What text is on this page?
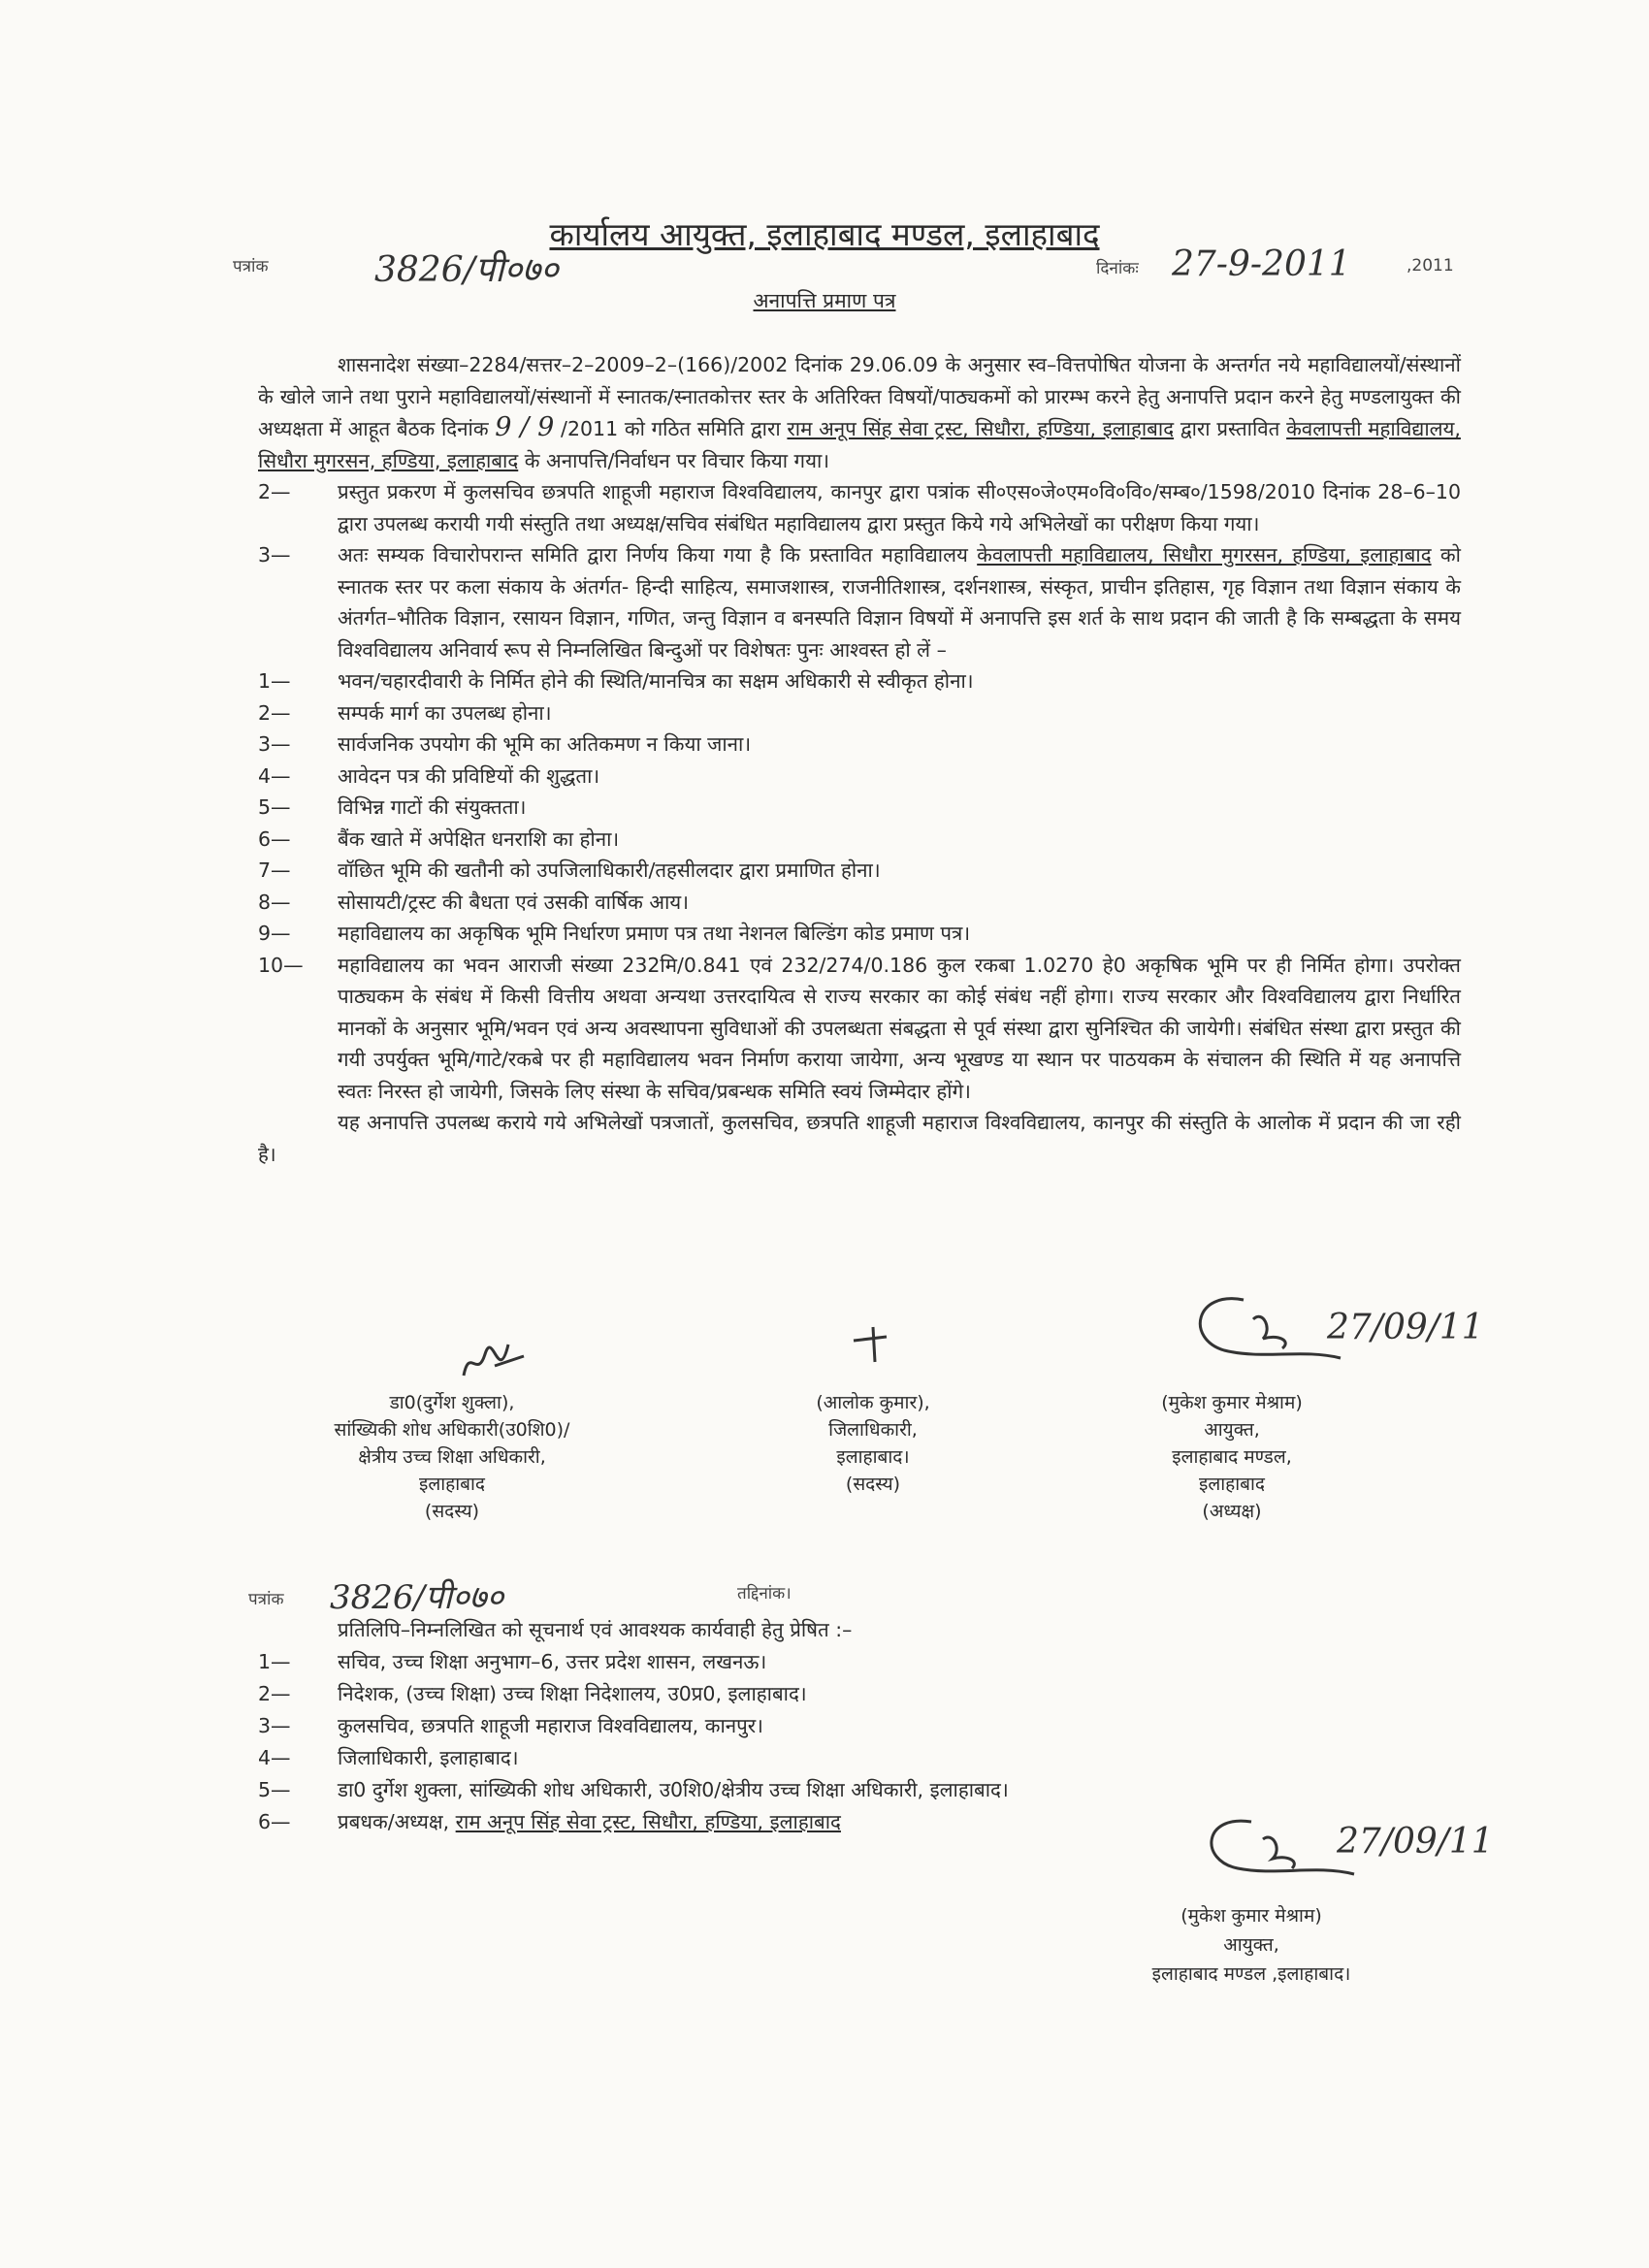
कार्यालय आयुक्त, इलाहाबाद मण्डल, इलाहाबाद
पत्रांक	3826/पी०७०	दिनांकः 27-9-2011	,2011
अनापत्ति प्रमाण पत्र

शासनादेश संख्या–2284/सत्तर–2–2009–2–(166)/2002 दिनांक 29.06.09 के अनुसार स्व–वित्तपोषित योजना के अन्तर्गत नये महाविद्यालयों/संस्थानों के खोले जाने तथा पुराने महाविद्यालयों/संस्थानों में स्नातक/स्नातकोत्तर स्तर के अतिरिक्त विषयों/पाठ्यकमों को प्रारम्भ करने हेतु अनापत्ति प्रदान करने हेतु मण्डलायुक्त की अध्यक्षता में आहूत बैठक दिनांक 9 / 9 /2011 को गठित समिति द्वारा राम अनूप सिंह सेवा ट्रस्ट, सिधौरा, हण्डिया, इलाहाबाद द्वारा प्रस्तावित केवलापत्ती महाविद्यालय, सिधौरा मुगरसन, हण्डिया, इलाहाबाद के अनापत्ति/निर्वाधन पर विचार किया गया।

2—	प्रस्तुत प्रकरण में कुलसचिव छत्रपति शाहूजी महाराज विश्वविद्यालय, कानपुर द्वारा पत्रांक सी०एस०जे०एम०वि०वि०/सम्ब०/1598/2010 दिनांक 28–6–10 द्वारा उपलब्ध करायी गयी संस्तुति तथा अध्यक्ष/सचिव संबंधित महाविद्यालय द्वारा प्रस्तुत किये गये अभिलेखों का परीक्षण किया गया।
3—	अतः सम्यक विचारोपरान्त समिति द्वारा निर्णय किया गया है कि प्रस्तावित महाविद्यालय केवलापत्ती महाविद्यालय, सिधौरा मुगरसन, हण्डिया, इलाहाबाद को स्नातक स्तर पर कला संकाय के अंतर्गत- हिन्दी साहित्य, समाजशास्त्र, राजनीतिशास्त्र, दर्शनशास्त्र, संस्कृत, प्राचीन इतिहास, गृह विज्ञान तथा विज्ञान संकाय के अंतर्गत–भौतिक विज्ञान, रसायन विज्ञान, गणित, जन्तु विज्ञान व बनस्पति विज्ञान विषयों में अनापत्ति इस शर्त के साथ प्रदान की जाती है कि सम्बद्धता के समय विश्वविद्यालय अनिवार्य रूप से निम्नलिखित बिन्दुओं पर विशेषतः पुनः आश्वस्त हो लें –
1—	भवन/चहारदीवारी के निर्मित होने की स्थिति/मानचित्र का सक्षम अधिकारी से स्वीकृत होना।
2—	सम्पर्क मार्ग का उपलब्ध होना।
3—	सार्वजनिक उपयोग की भूमि का अतिकमण न किया जाना।
4—	आवेदन पत्र की प्रविष्टियों की शुद्धता।
5—	विभिन्न गाटों की संयुक्तता।
6—	बैंक खाते में अपेक्षित धनराशि का होना।
7—	वॉछित भूमि की खतौनी को उपजिलाधिकारी/तहसीलदार द्वारा प्रमाणित होना।
8—	सोसायटी/ट्रस्ट की बैधता एवं उसकी वार्षिक आय।
9—	महाविद्यालय का अकृषिक भूमि निर्धारण प्रमाण पत्र तथा नेशनल बिल्डिंग कोड प्रमाण पत्र।
10—	महाविद्यालय का भवन आराजी संख्या 232मि/0.841 एवं 232/274/0.186 कुल रकबा 1.0270 हे0 अकृषिक भूमि पर ही निर्मित होगा। उपरोक्त पाठ्यकम के संबंध में किसी वित्तीय अथवा अन्यथा उत्तरदायित्व से राज्य सरकार का कोई संबंध नहीं होगा। राज्य सरकार और विश्वविद्यालय द्वारा निर्धारित मानकों के अनुसार भूमि/भवन एवं अन्य अवस्थापना सुविधाओं की उपलब्धता संबद्धता से पूर्व संस्था द्वारा सुनिश्चित की जायेगी। संबंधित संस्था द्वारा प्रस्तुत की गयी उपर्युक्त भूमि/गाटे/रकबे पर ही महाविद्यालय भवन निर्माण कराया जायेगा, अन्य भूखण्ड या स्थान पर पाठयकम के संचालन की स्थिति में यह अनापत्ति स्वतः निरस्त हो जायेगी, जिसके लिए संस्था के सचिव/प्रबन्धक समिति स्वयं जिम्मेदार होंगे।

यह अनापत्ति उपलब्ध कराये गये अभिलेखों पत्रजातों, कुलसचिव, छत्रपति शाहूजी महाराज विश्वविद्यालय, कानपुर की संस्तुति के आलोक में प्रदान की जा रही है।

27/09/11
डा0(दुर्गेश शुक्ला),
सांख्यिकी शोध अधिकारी(उ0शि0)/
क्षेत्रीय उच्च शिक्षा अधिकारी,
इलाहाबाद
(सदस्य)
(आलोक कुमार),
जिलाधिकारी,
इलाहाबाद।
(सदस्य)
(मुकेश कुमार मेश्राम)
आयुक्त,
इलाहाबाद मण्डल,
इलाहाबाद
(अध्यक्ष)
पत्रांक 3826/पी०७०	तद्दिनांक।
प्रतिलिपि–निम्नलिखित को सूचनार्थ एवं आवश्यक कार्यवाही हेतु प्रेषित :–
1—	सचिव, उच्च शिक्षा अनुभाग–6, उत्तर प्रदेश शासन, लखनऊ।
2—	निदेशक, (उच्च शिक्षा) उच्च शिक्षा निदेशालय, उ0प्र0, इलाहाबाद।
3—	कुलसचिव, छत्रपति शाहूजी महाराज विश्वविद्यालय, कानपुर।
4—	जिलाधिकारी, इलाहाबाद।
5—	डा0 दुर्गेश शुक्ला, सांख्यिकी शोध अधिकारी, उ0शि0/क्षेत्रीय उच्च शिक्षा अधिकारी, इलाहाबाद।
6—	प्रबधक/अध्यक्ष, राम अनूप सिंह सेवा ट्रस्ट, सिधौरा, हण्डिया, इलाहाबाद	27/09/11
(मुकेश कुमार मेश्राम)
आयुक्त,
इलाहाबाद मण्डल ,इलाहाबाद।
